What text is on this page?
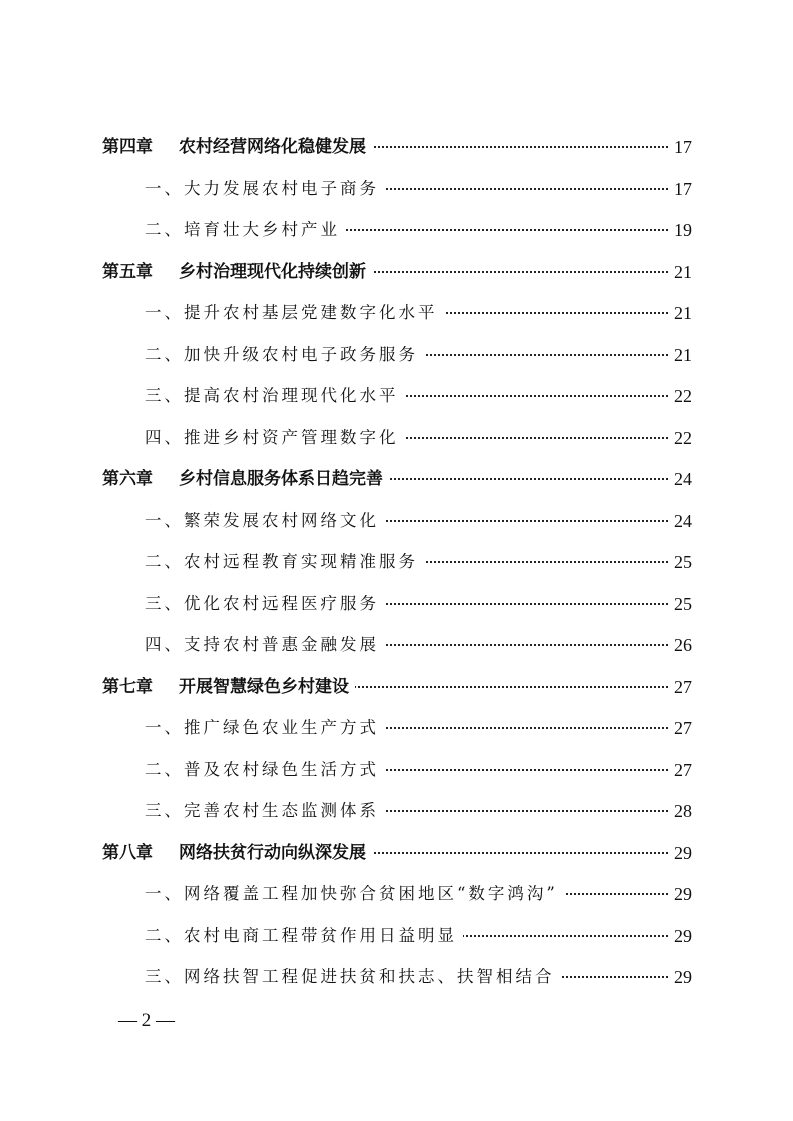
第四章 农村经营网络化稳健发展	17
一、大力发展农村电子商务	17
二、培育壮大乡村产业	19
第五章 乡村治理现代化持续创新	21
一、提升农村基层党建数字化水平	21
二、加快升级农村电子政务服务	21
三、提高农村治理现代化水平	22
四、推进乡村资产管理数字化	22
第六章 乡村信息服务体系日趋完善	24
一、繁荣发展农村网络文化	24
二、农村远程教育实现精准服务	25
三、优化农村远程医疗服务	25
四、支持农村普惠金融发展	26
第七章 开展智慧绿色乡村建设	27
一、推广绿色农业生产方式	27
二、普及农村绿色生活方式	27
三、完善农村生态监测体系	28
第八章 网络扶贫行动向纵深发展	29
一、网络覆盖工程加快弥合贫困地区“数字鸿沟”	29
二、农村电商工程带贫作用日益明显	29
三、网络扶智工程促进扶贫和扶志、扶智相结合	29
— 2 —
